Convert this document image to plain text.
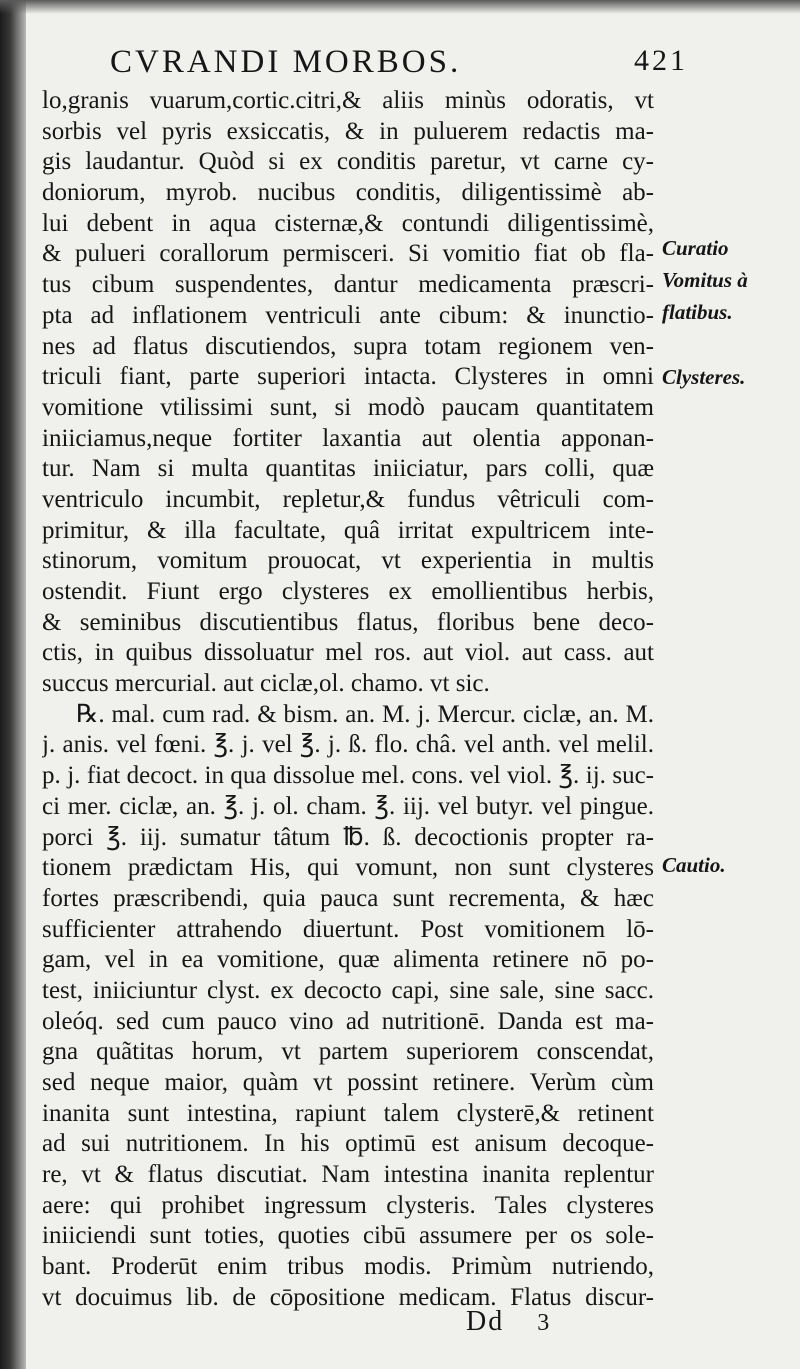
CVRANDI MORBOS.	421
lo,granis vuarum,cortic.citri,& aliis minùs odoratis, vt
sorbis vel pyris exsiccatis, & in puluerem redactis ma-
gis laudantur. Quòd si ex conditis paretur, vt carne cy-
doniorum, myrob. nucibus conditis, diligentissimè ab-
lui debent in aqua cisternæ,& contundi diligentissimè,
& pulueri corallorum permisceri. Si vomitio fiat ob fla-
tus cibum suspendentes, dantur medicamenta præscri-
pta ad inflationem ventriculi ante cibum: & inunctio-
nes ad flatus discutiendos, supra totam regionem ven-
triculi fiant, parte superiori intacta. Clysteres in omni
vomitione vtilissimi sunt, si modò paucam quantitatem
iniiciamus,neque fortiter laxantia aut olentia apponan-
tur. Nam si multa quantitas iniiciatur, pars colli, quæ
ventriculo incumbit, repletur,& fundus vêtriculi com-
primitur, & illa facultate, quâ irritat expultricem inte-
stinorum, vomitum prouocat, vt experientia in multis
ostendit. Fiunt ergo clysteres ex emollientibus herbis,
& seminibus discutientibus flatus, floribus bene deco-
ctis, in quibus dissoluatur mel ros. aut viol. aut cass. aut
succus mercurial. aut ciclæ,ol. chamo. vt sic.
℞. mal. cum rad. & bism. an. M. j. Mercur. ciclæ, an. M.
j. anis. vel fœni. ℥. j. vel ℥. j. ß. flo. châ. vel anth. vel melil.
p. j. fiat decoct. in qua dissolue mel. cons. vel viol. ℥. ij. suc-
ci mer. ciclæ, an. ℥. j. ol. cham. ℥. iij. vel butyr. vel pingue.
porci ℥. iij. sumatur tâtum ℔. ß. decoctionis propter ra-
tionem prædictam His, qui vomunt, non sunt clysteres
fortes præscribendi, quia pauca sunt recrementa, & hæc
sufficienter attrahendo diuertunt. Post vomitionem lō-
gam, vel in ea vomitione, quæ alimenta retinere nō po-
test, iniiciuntur clyst. ex decocto capi, sine sale, sine sacc.
oleóq. sed cum pauco vino ad nutritionē. Danda est ma-
gna quãtitas horum, vt partem superiorem conscendat,
sed neque maior, quàm vt possint retinere. Verùm cùm
inanita sunt intestina, rapiunt talem clysterē,& retinent
ad sui nutritionem. In his optimū est anisum decoque-
re, vt & flatus discutiat. Nam intestina inanita replentur
aere: qui prohibet ingressum clysteris. Tales clysteres
iniiciendi sunt toties, quoties cibū assumere per os sole-
bant. Proderūt enim tribus modis. Primùm nutriendo,
vt docuimus lib. de cōpositione medicam. Flatus discur-
Curatio
Vomitus à
flatibus.
Clysteres.
Cautio.
Dd 3
